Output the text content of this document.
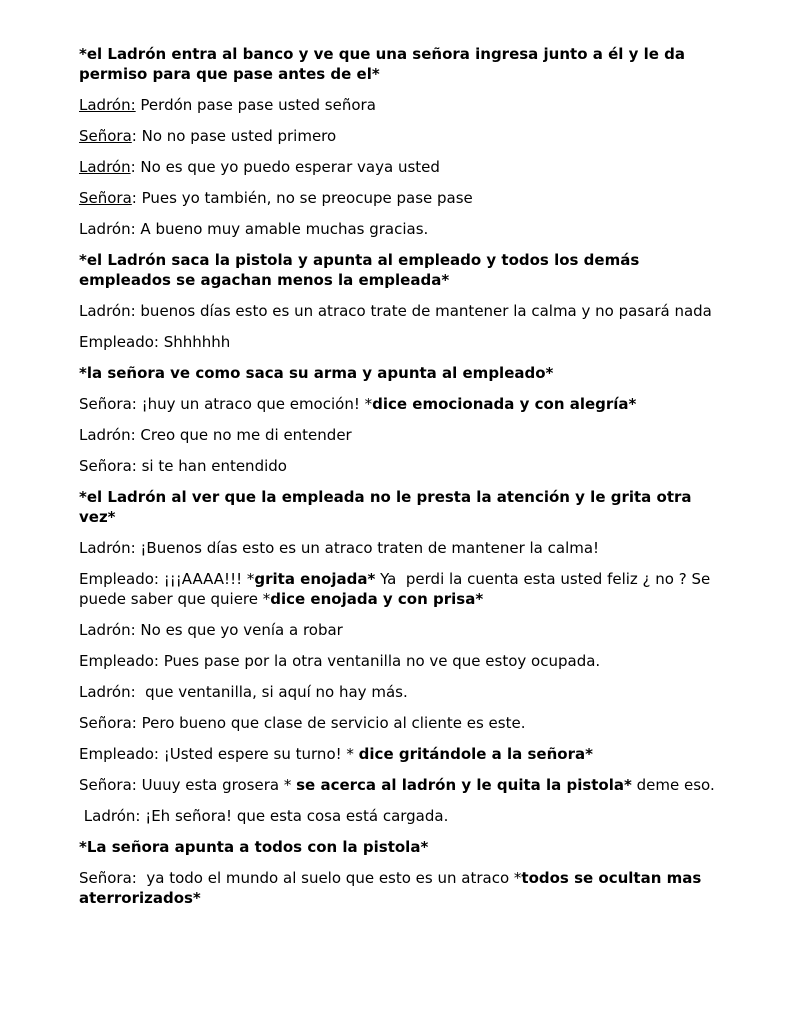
*el Ladrón entra al banco y ve que una señora ingresa junto a él y le da permiso para que pase antes de el*
Ladrón: Perdón pase pase usted señora
Señora: No no pase usted primero
Ladrón: No es que yo puedo esperar vaya usted
Señora: Pues yo también, no se preocupe pase pase
Ladrón: A bueno muy amable muchas gracias.
*el Ladrón saca la pistola y apunta al empleado y todos los demás empleados se agachan menos la empleada*
Ladrón: buenos días esto es un atraco trate de mantener la calma y no pasará nada
Empleado: Shhhhhh
*la señora ve como saca su arma y apunta al empleado*
Señora: ¡huy un atraco que emoción! *dice emocionada y con alegría*
Ladrón: Creo que no me di entender
Señora: si te han entendido
*el Ladrón al ver que la empleada no le presta la atención y le grita otra vez*
Ladrón: ¡Buenos días esto es un atraco traten de mantener la calma!
Empleado: ¡¡¡AAAA!!! *grita enojada* Ya  perdi la cuenta esta usted feliz ¿ no ? Se puede saber que quiere *dice enojada y con prisa*
Ladrón: No es que yo venía a robar
Empleado: Pues pase por la otra ventanilla no ve que estoy ocupada.
Ladrón:  que ventanilla, si aquí no hay más.
Señora: Pero bueno que clase de servicio al cliente es este.
Empleado: ¡Usted espere su turno! * dice gritándole a la señora*
Señora: Uuuy esta grosera * se acerca al ladrón y le quita la pistola* deme eso.
Ladrón: ¡Eh señora! que esta cosa está cargada.
*La señora apunta a todos con la pistola*
Señora:  ya todo el mundo al suelo que esto es un atraco *todos se ocultan mas aterrorizados*
